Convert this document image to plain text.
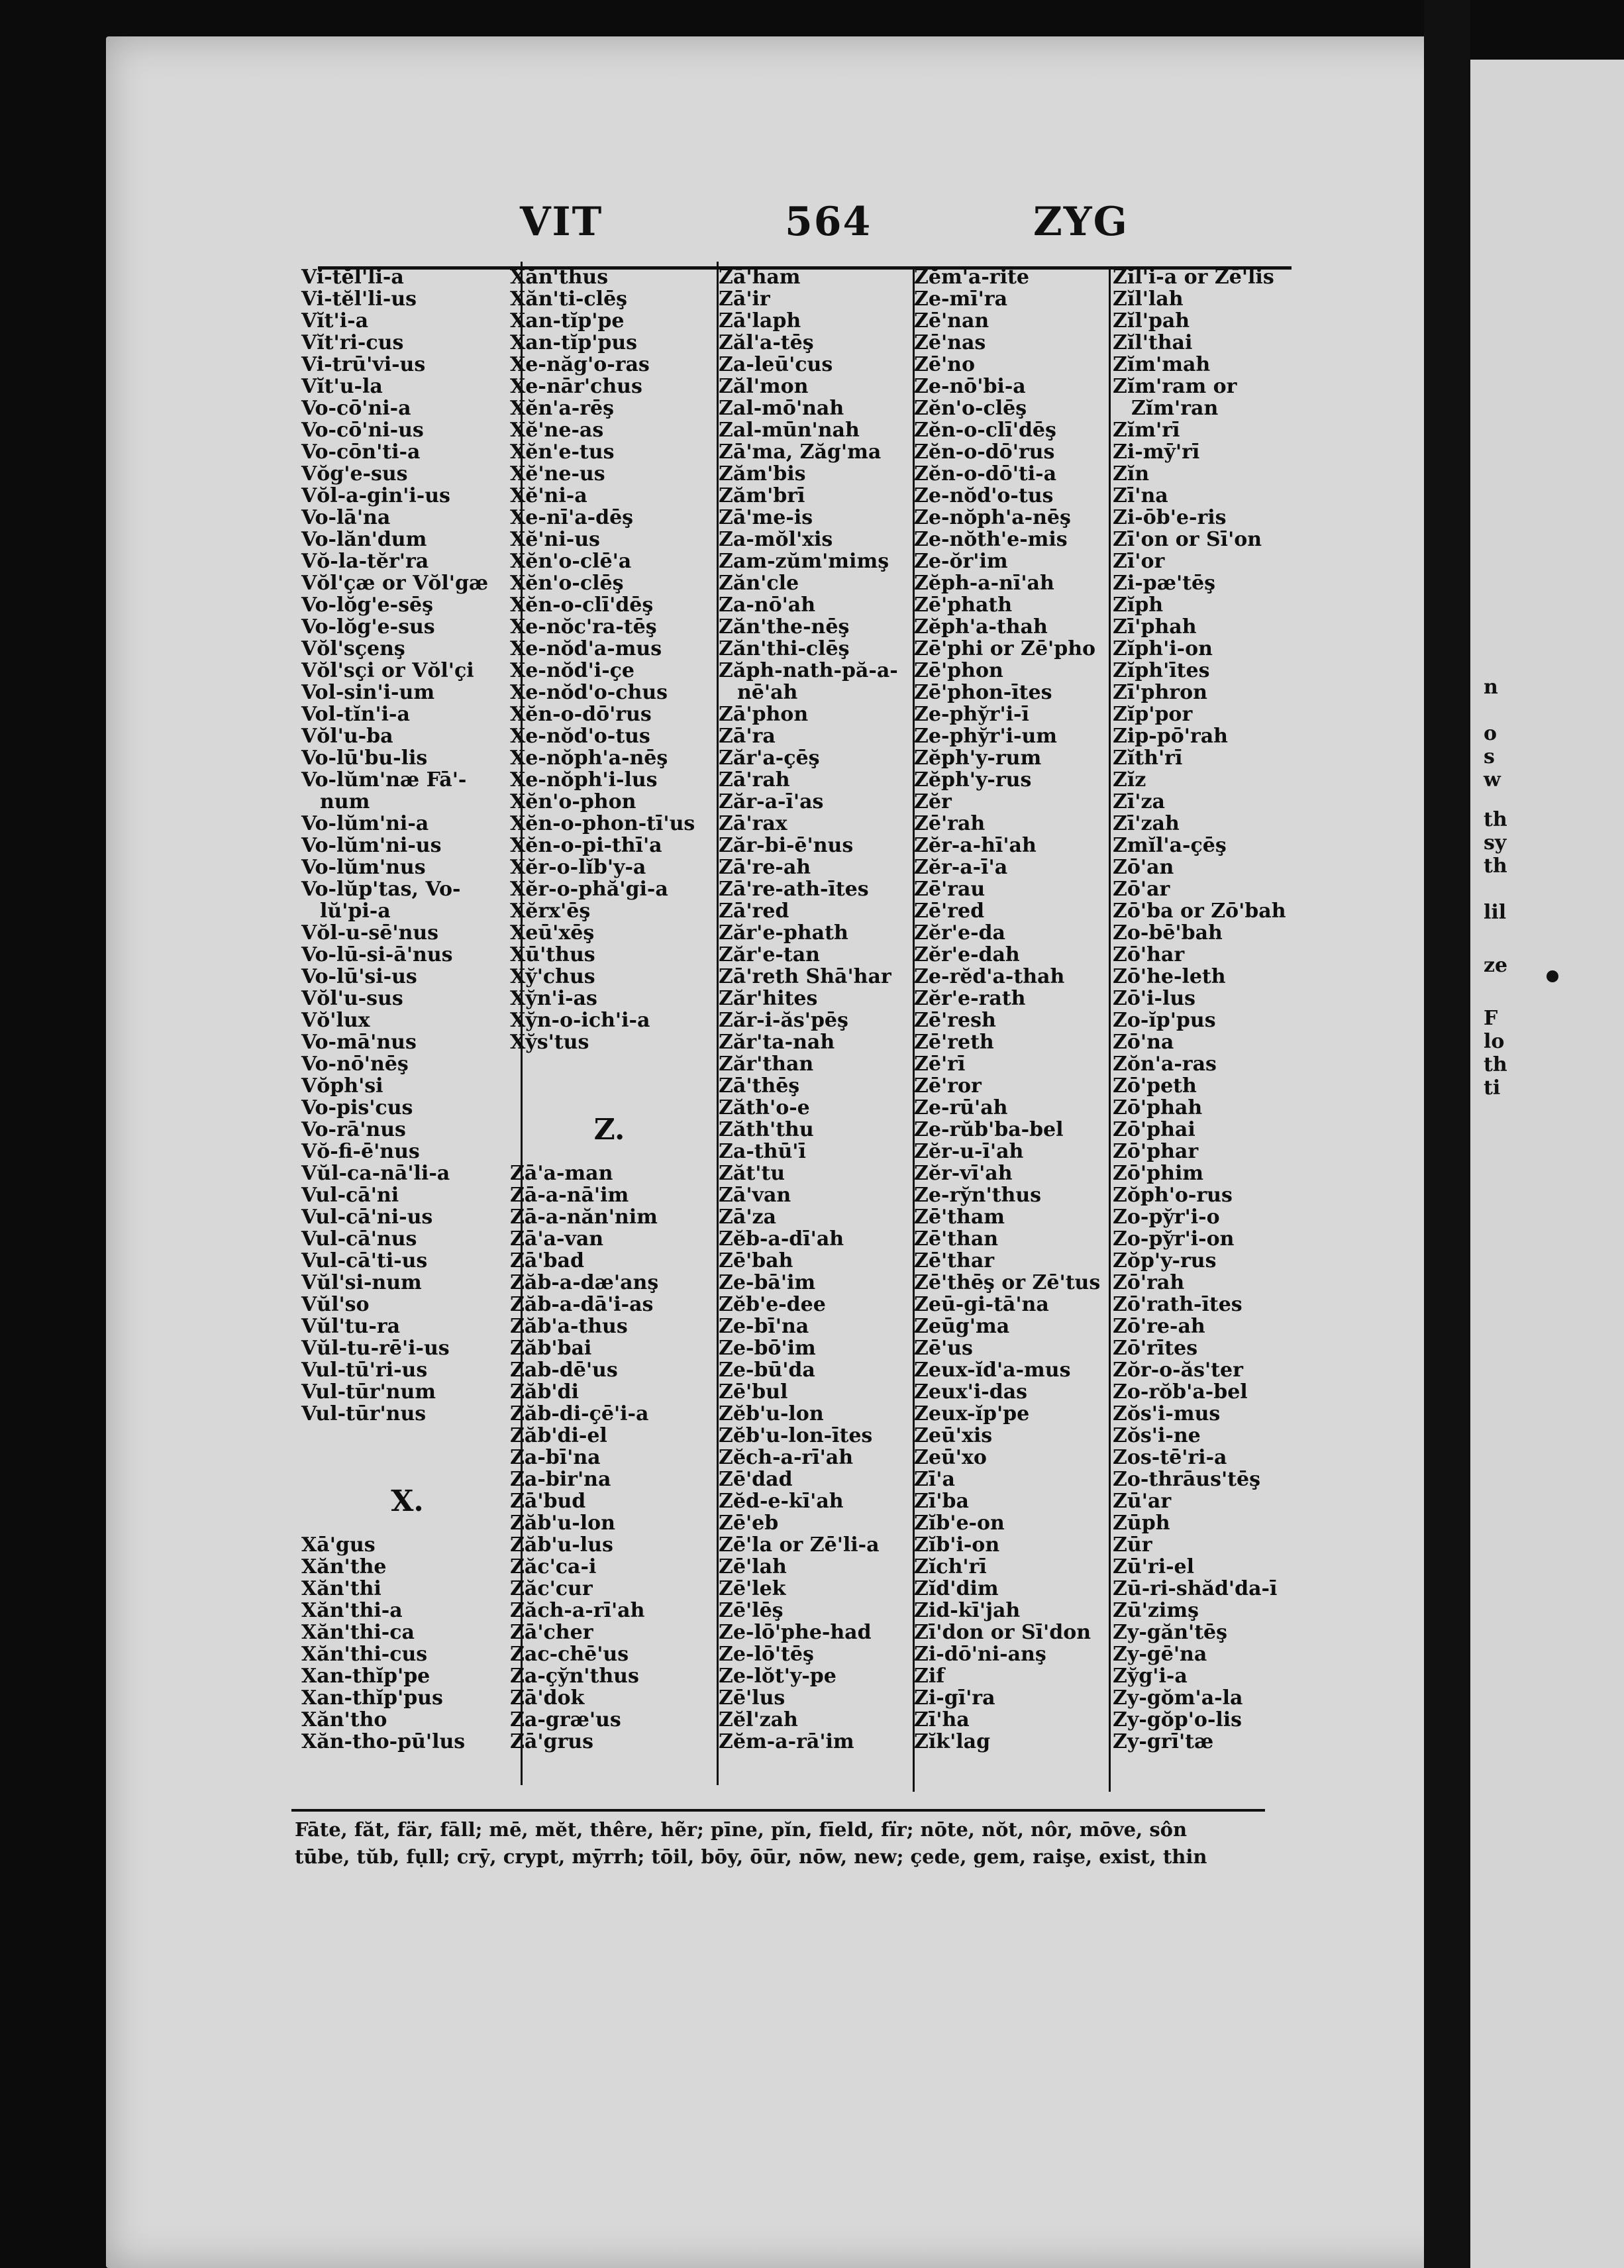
n
o
s
w
th
sy
th
lil
ze
F
lo
th
ti
VIT	564	ZYG
Vi-tĕl'li-a
Vi-tĕl'li-us
Vĭt'i-a
Vĭt'ri-cus
Vi-trū'vi-us
Vĭt'u-la
Vo-cō'ni-a
Vo-cō'ni-us
Vo-cōn'ti-a
Vŏg'e-sus
Vŏl-a-gin'i-us
Vo-lā'na
Vo-lăn'dum
Vŏ-la-tĕr'ra
Vŏl'çæ or Vŏl'gæ
Vo-lŏg'e-sēş
Vo-lŏg'e-sus
Vŏl'sçenş
Vŏl'sçi or Vŏl'çi
Vol-sin'i-um
Vol-tĭn'i-a
Vŏl'u-ba
Vo-lū'bu-lis
Vo-lŭm'næ Fā'-
num
Vo-lŭm'ni-a
Vo-lŭm'ni-us
Vo-lŭm'nus
Vo-lŭp'tas, Vo-
lŭ'pi-a
Vŏl-u-sē'nus
Vo-lū-si-ā'nus
Vo-lū'si-us
Vŏl'u-sus
Vŏ'lux
Vo-mā'nus
Vo-nō'nēş
Vŏph'si
Vo-pis'cus
Vo-rā'nus
Vŏ-fi-ē'nus
Vŭl-ca-nā'li-a
Vul-cā'ni
Vul-cā'ni-us
Vul-cā'nus
Vul-cā'ti-us
Vŭl'si-num
Vŭl'so
Vŭl'tu-ra
Vŭl-tu-rē'i-us
Vul-tū'ri-us
Vul-tūr'num
Vul-tūr'nus
X.
Xā'gus
Xăn'the
Xăn'thi
Xăn'thi-a
Xăn'thi-ca
Xăn'thi-cus
Xan-thĭp'pe
Xan-thĭp'pus
Xăn'tho
Xăn-tho-pū'lus
Xăn'thus
Xăn'ti-clēş
Xan-tĭp'pe
Xan-tĭp'pus
Xe-năg'o-ras
Xe-nār'chus
Xĕn'a-rēş
Xĕ'ne-as
Xĕn'e-tus
Xĕ'ne-us
Xĕ'ni-a
Xe-nī'a-dēş
Xĕ'ni-us
Xĕn'o-clē'a
Xĕn'o-clēş
Xĕn-o-clī'dēş
Xe-nŏc'ra-tēş
Xe-nŏd'a-mus
Xe-nŏd'i-çe
Xe-nŏd'o-chus
Xĕn-o-dō'rus
Xe-nŏd'o-tus
Xe-nŏph'a-nēş
Xe-nŏph'i-lus
Xĕn'o-phon
Xĕn-o-phon-tī'us
Xĕn-o-pi-thī'a
Xĕr-o-lĭb'y-a
Xĕr-o-phă'gi-a
Xĕrx'ēş
Xeū'xēş
Xū'thus
Xy̆'chus
Xy̆n'i-as
Xy̆n-o-ich'i-a
Xy̆s'tus
Z.
Zā'a-man
Zā-a-nā'im
Zā-a-năn'nim
Zā'a-van
Zā'bad
Zăb-a-dæ'anş
Zăb-a-dā'i-as
Zăb'a-thus
Zăb'bai
Zab-dē'us
Zăb'di
Zăb-di-çē'i-a
Zăb'di-el
Za-bī'na
Za-bir'na
Zā'bud
Zăb'u-lon
Zăb'u-lus
Zăc'ca-i
Zăc'cur
Zăch-a-rī'ah
Zā'cher
Zac-chē'us
Za-çy̆n'thus
Zā'dok
Za-græ'us
Zā'grus
Zā'ham
Zā'ir
Zā'laph
Zăl'a-tēş
Za-leū'cus
Zăl'mon
Zal-mō'nah
Zal-mūn'nah
Zā'ma, Zăg'ma
Zăm'bis
Zăm'brī
Zā'me-is
Za-mŏl'xis
Zam-zŭm'mimş
Zăn'cle
Za-nō'ah
Zăn'the-nēş
Zăn'thi-clēş
Zăph-nath-pă-a-
nē'ah
Zā'phon
Zā'ra
Zăr'a-çēş
Zā'rah
Zăr-a-ī'as
Zā'rax
Zăr-bi-ē'nus
Zā're-ah
Zā're-ath-ītes
Zā'red
Zăr'e-phath
Zăr'e-tan
Zā'reth Shā'har
Zăr'hites
Zăr-i-ăs'pēş
Zăr'ta-nah
Zăr'than
Zā'thēş
Zăth'o-e
Zăth'thu
Za-thū'ī
Zăt'tu
Zā'van
Zā'za
Zĕb-a-dī'ah
Zē'bah
Ze-bā'im
Zĕb'e-dee
Ze-bī'na
Ze-bō'im
Ze-bū'da
Zē'bul
Zĕb'u-lon
Zĕb'u-lon-ītes
Zĕch-a-rī'ah
Zē'dad
Zĕd-e-kī'ah
Zē'eb
Zē'la or Zē'li-a
Zē'lah
Zē'lek
Zē'lēş
Ze-lō'phe-had
Ze-lō'tēş
Ze-lŏt'y-pe
Zē'lus
Zĕl'zah
Zĕm-a-rā'im
Zĕm'a-rite
Ze-mī'ra
Zē'nan
Zē'nas
Zē'no
Ze-nō'bi-a
Zĕn'o-clēş
Zĕn-o-clī'dēş
Zĕn-o-dō'rus
Zĕn-o-dō'ti-a
Ze-nŏd'o-tus
Ze-nŏph'a-nēş
Ze-nŏth'e-mis
Ze-ŏr'im
Zĕph-a-nī'ah
Zē'phath
Zĕph'a-thah
Zē'phi or Zē'pho
Zē'phon
Zē'phon-ītes
Ze-phy̆r'i-ī
Ze-phy̆r'i-um
Zĕph'y-rum
Zĕph'y-rus
Zĕr
Zē'rah
Zĕr-a-hī'ah
Zĕr-a-ī'a
Zē'rau
Zē'red
Zĕr'e-da
Zĕr'e-dah
Ze-rĕd'a-thah
Zĕr'e-rath
Zē'resh
Zē'reth
Zē'rī
Zē'ror
Ze-rū'ah
Ze-rŭb'ba-bel
Zĕr-u-ī'ah
Zĕr-vī'ah
Ze-ry̆n'thus
Zē'tham
Zē'than
Zē'thar
Zē'thēş or Zē'tus
Zeū-gi-tā'na
Zeūg'ma
Zē'us
Zeux-ĭd'a-mus
Zeux'i-das
Zeux-ĭp'pe
Zeū'xis
Zeū'xo
Zī'a
Zī'ba
Zĭb'e-on
Zĭb'i-on
Zĭch'rī
Zĭd'dim
Zid-kī'jah
Zī'don or Sī'don
Zi-dō'ni-anş
Zif
Zi-gī'ra
Zī'ha
Zĭk'lag
Zĭl'i-a or Zē'lis
Zĭl'lah
Zĭl'pah
Zĭl'thai
Zĭm'mah
Zĭm'ram or
Zĭm'ran
Zĭm'rī
Zi-mȳ'rī
Zĭn
Zī'na
Zi-ōb'e-ris
Zī'on or Sī'on
Zī'or
Zi-pæ'tēş
Zĭph
Zī'phah
Zĭph'i-on
Zĭph'ītes
Zī'phron
Zĭp'por
Zip-pō'rah
Zĭth'rī
Zĭz
Zī'za
Zī'zah
Zmĭl'a-çēş
Zō'an
Zō'ar
Zō'ba or Zō'bah
Zo-bē'bah
Zō'har
Zō'he-leth
Zō'i-lus
Zo-ĭp'pus
Zō'na
Zŏn'a-ras
Zō'peth
Zō'phah
Zō'phai
Zō'phar
Zō'phim
Zŏph'o-rus
Zo-py̆r'i-o
Zo-py̆r'i-on
Zŏp'y-rus
Zō'rah
Zō'rath-ītes
Zō're-ah
Zō'rītes
Zŏr-o-ăs'ter
Zo-rŏb'a-bel
Zŏs'i-mus
Zŏs'i-ne
Zos-tē'ri-a
Zo-thrāus'tēş
Zū'ar
Zūph
Zūr
Zū'ri-el
Zū-ri-shăd'da-ī
Zū'zimş
Zy-găn'tēş
Zy-gē'na
Zy̆g'i-a
Zy-gŏm'a-la
Zy-gŏp'o-lis
Zy-grī'tæ
Fāte, făt, fär, fāll; mē, mĕt, thêre, hẽr; pīne, pĭn, fīeld, fïr; nōte, nŏt, nôr, mōve, sôn
tūbe, tŭb, fụll; crȳ, crypt, mȳrrh; tōil, bōy, ōūr, nōw, new; çede, gem, raişe, exist, thin
